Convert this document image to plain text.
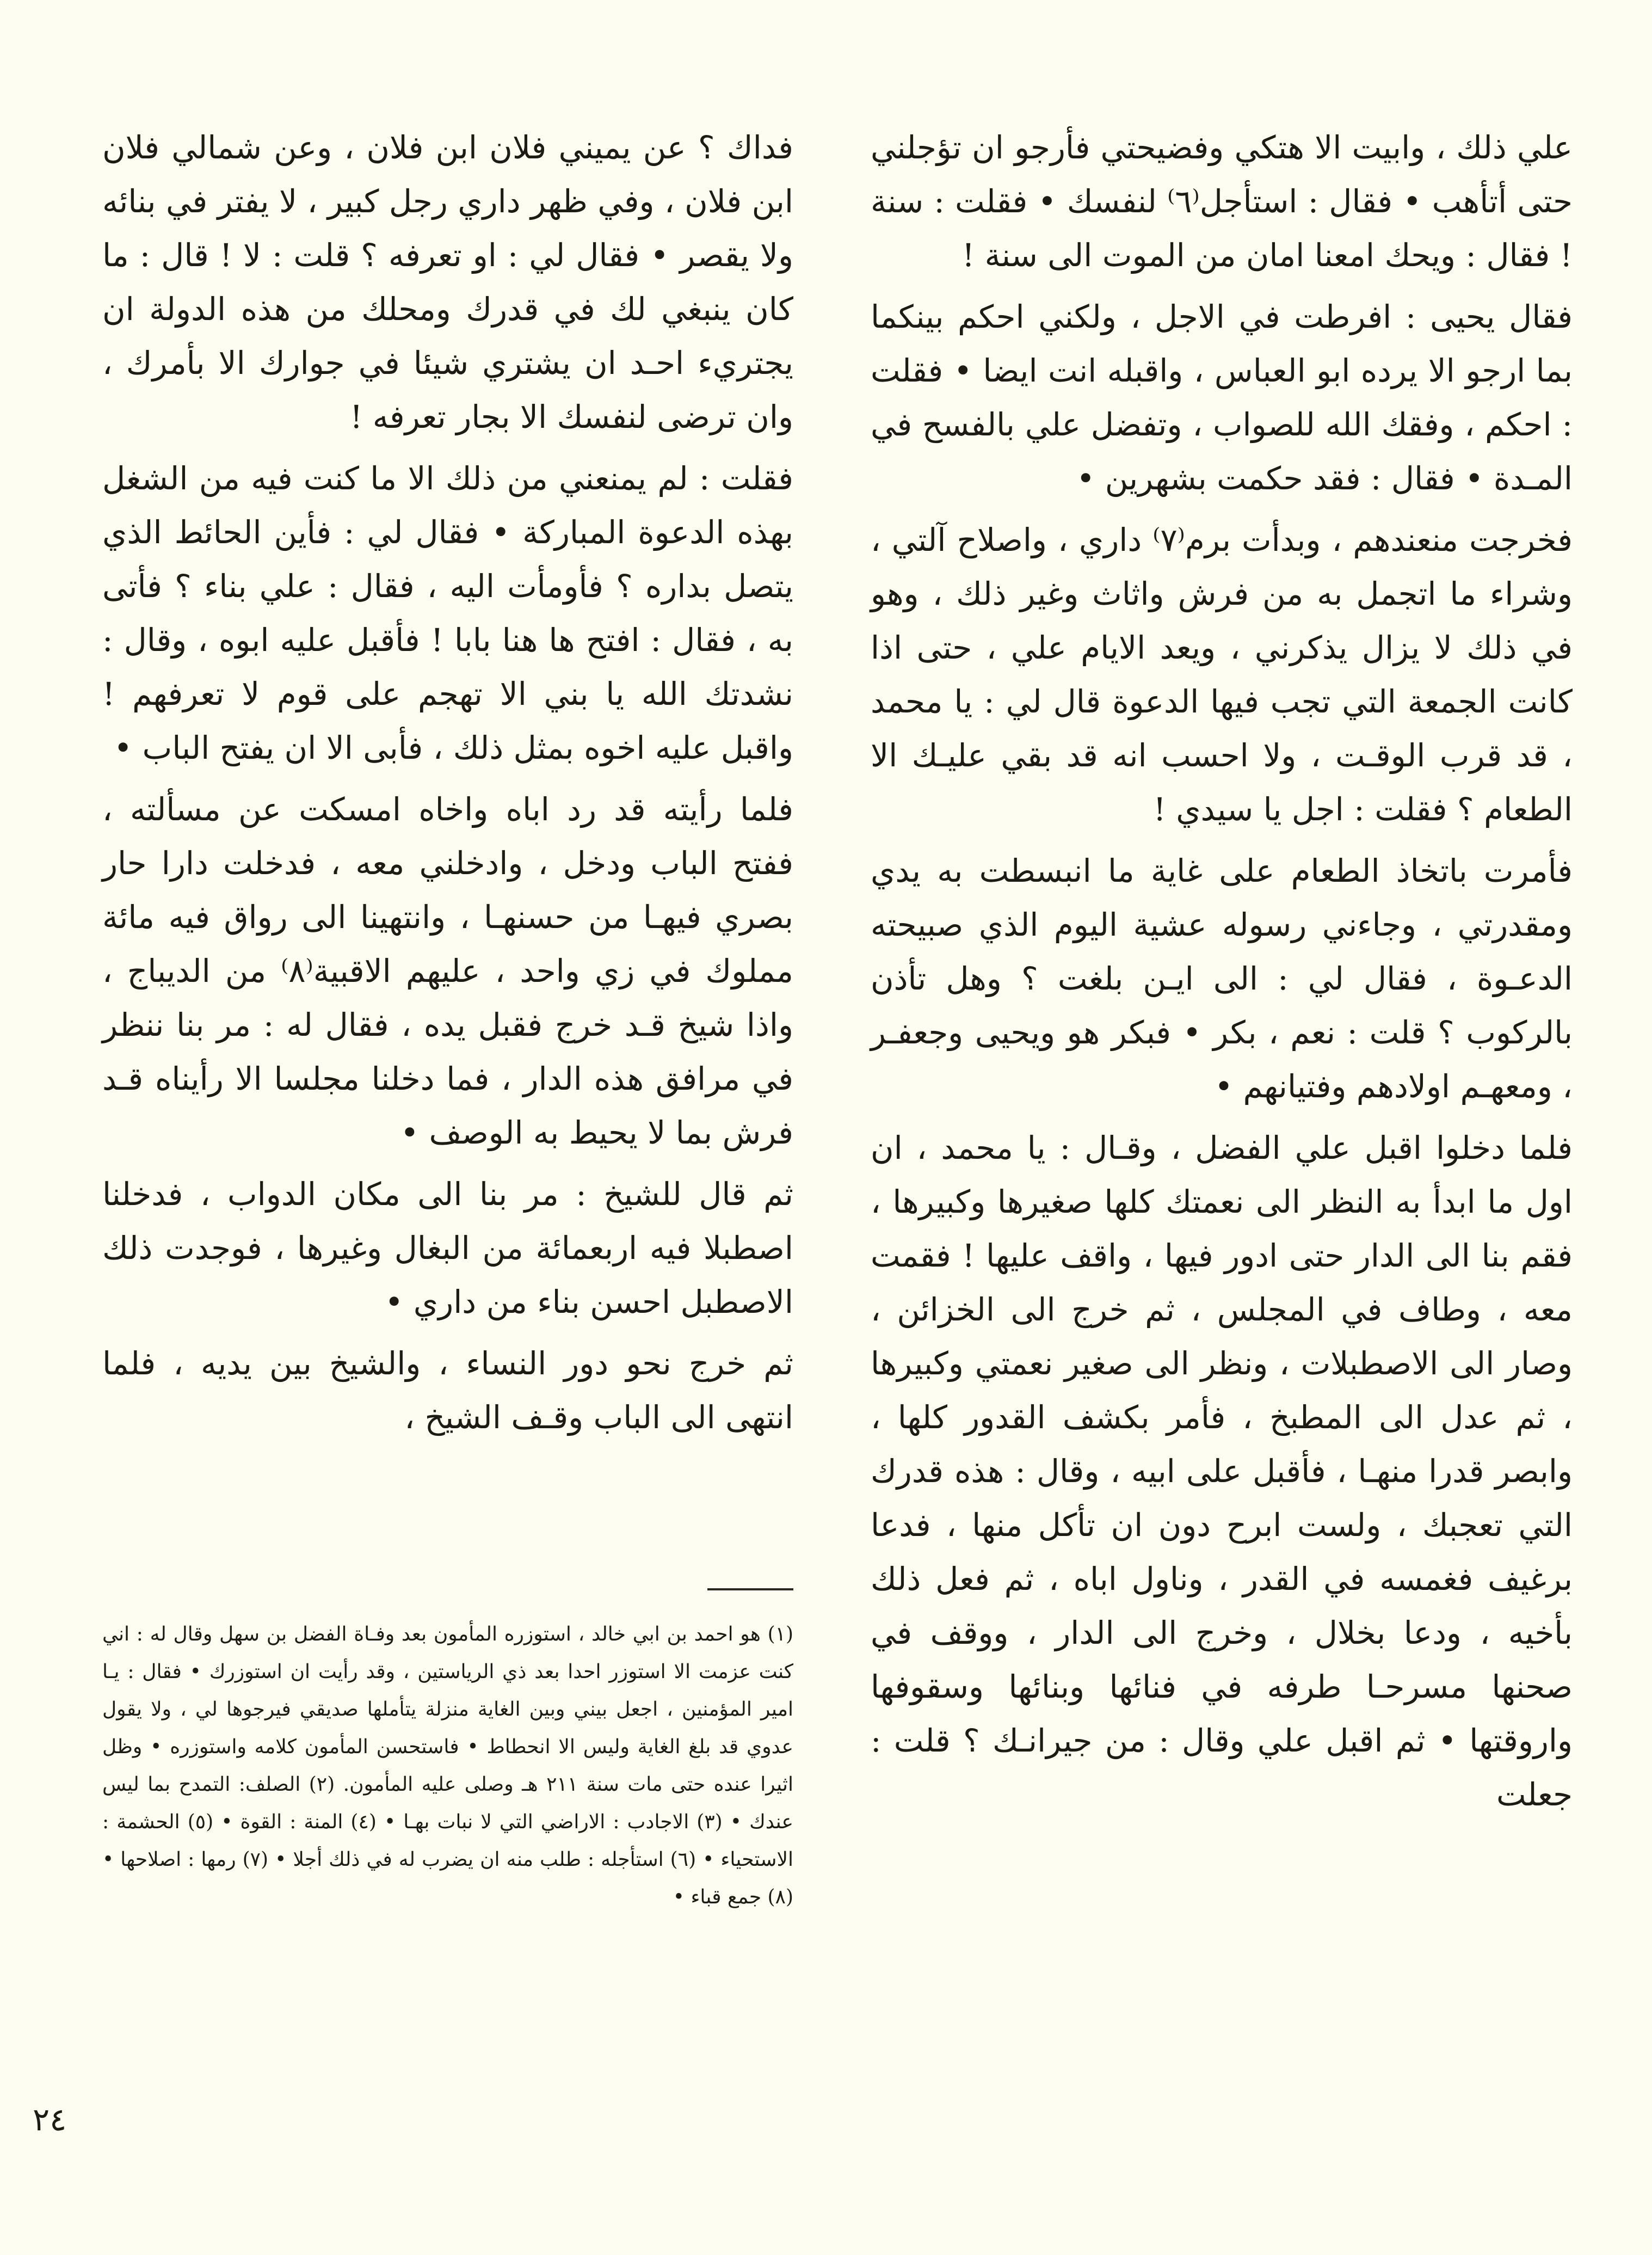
علي ذلك ، وابيت الا هتكي وفضيحتي فأرجو ان تؤجلني حتى أتأهب • فقال : استأجل⁽٦⁾ لنفسك • فقلت : سنة ! فقال : ويحك امعنا امان من الموت الى سنة !

فقال يحيى : افرطت في الاجل ، ولكني احكم بينكما بما ارجو الا يرده ابو العباس ، واقبله انت ايضا • فقلت : احكم ، وفقك الله للصواب ، وتفضل علي بالفسح في المـدة • فقال : فقد حكمت بشهرين •

فخرجت منعندهم ، وبدأت برم⁽٧⁾ داري ، واصلاح آلتي ، وشراء ما اتجمل به من فرش واثاث وغير ذلك ، وهو في ذلك لا يزال يذكرني ، ويعد الايام علي ، حتى اذا كانت الجمعة التي تجب فيها الدعوة قال لي : يا محمد ، قد قرب الوقـت ، ولا احسب انه قد بقي عليـك الا الطعام ؟ فقلت : اجل يا سيدي !

فأمرت باتخاذ الطعام على غاية ما انبسطت به يدي ومقدرتي ، وجاءني رسوله عشية اليوم الذي صبيحته الدعـوة ، فقال لي : الى ايـن بلغت ؟ وهل تأذن بالركوب ؟ قلت : نعم ، بكر • فبكر هو ويحيى وجعفـر ، ومعهـم اولادهم وفتيانهم •

فلما دخلوا اقبل علي الفضل ، وقـال : يا محمد ، ان اول ما ابدأ به النظر الى نعمتك كلها صغيرها وكبيرها ، فقم بنا الى الدار حتى ادور فيها ، واقف عليها ! فقمت معه ، وطاف في المجلس ، ثم خرج الى الخزائن ، وصار الى الاصطبلات ، ونظر الى صغير نعمتي وكبيرها ، ثم عدل الى المطبخ ، فأمر بكشف القدور كلها ، وابصر قدرا منهـا ، فأقبل على ابيه ، وقال : هذه قدرك التي تعجبك ، ولست ابرح دون ان تأكل منها ، فدعا برغيف فغمسه في القدر ، وناول اباه ، ثم فعل ذلك بأخيه ، ودعا بخلال ، وخرج الى الدار ، ووقف في صحنها مسرحـا طرفه في فنائها وبنائها وسقوفها واروقتها • ثم اقبل علي وقال : من جيرانـك ؟ قلت : جعلت

فداك ؟ عن يميني فلان ابن فلان ، وعن شمالي فلان ابن فلان ، وفي ظهر داري رجل كبير ، لا يفتر في بنائه ولا يقصر • فقال لي : او تعرفه ؟ قلت : لا ! قال : ما كان ينبغي لك في قدرك ومحلك من هذه الدولة ان يجتريء احـد ان يشتري شيئا في جوارك الا بأمرك ، وان ترضى لنفسك الا بجار تعرفه !

فقلت : لم يمنعني من ذلك الا ما كنت فيه من الشغل بهذه الدعوة المباركة • فقال لي : فأين الحائط الذي يتصل بداره ؟ فأومأت اليه ، فقال : علي بناء ؟ فأتى به ، فقال : افتح ها هنا بابا ! فأقبل عليه ابوه ، وقال : نشدتك الله يا بني الا تهجم على قوم لا تعرفهم ! واقبل عليه اخوه بمثل ذلك ، فأبى الا ان يفتح الباب •

فلما رأيته قد رد اباه واخاه امسكت عن مسألته ، ففتح الباب ودخل ، وادخلني معه ، فدخلت دارا حار بصري فيهـا من حسنهـا ، وانتهينا الى رواق فيه مائة مملوك في زي واحد ، عليهم الاقبية⁽٨⁾ من الديباج ، واذا شيخ قـد خرج فقبل يده ، فقال له : مر بنا ننظر في مرافق هذه الدار ، فما دخلنا مجلسا الا رأيناه قـد فرش بما لا يحيط به الوصف •

ثم قال للشيخ : مر بنا الى مكان الدواب ، فدخلنا اصطبلا فيه اربعمائة من البغال وغيرها ، فوجدت ذلك الاصطبل احسن بناء من داري •

ثم خرج نحو دور النساء ، والشيخ بين يديه ، فلما انتهى الى الباب وقـف الشيخ ،

(١) هو احمد بن ابي خالد ، استوزره المأمون بعد وفـاة الفضل بن سهل وقال له : اني كنت عزمت الا استوزر احدا بعد ذي الرياستين ، وقد رأيت ان استوزرك • فقال : يـا امير المؤمنين ، اجعل بيني وبين الغاية منزلة يتأملها صديقي فيرجوها لي ، ولا يقول عدوي قد بلغ الغاية وليس الا انحطاط • فاستحسن المأمون كلامه واستوزره • وظل اثيرا عنده حتى مات سنة ٢١١ هـ وصلى عليه المأمون. (٢) الصلف: التمدح بما ليس عندك • (٣) الاجادب : الاراضي التي لا نبات بهـا • (٤) المنة : القوة • (٥) الحشمة : الاستحياء • (٦) استأجله : طلب منه ان يضرب له في ذلك أجلا • (٧) رمها : اصلاحها • (٨) جمع قباء •
٢٤
